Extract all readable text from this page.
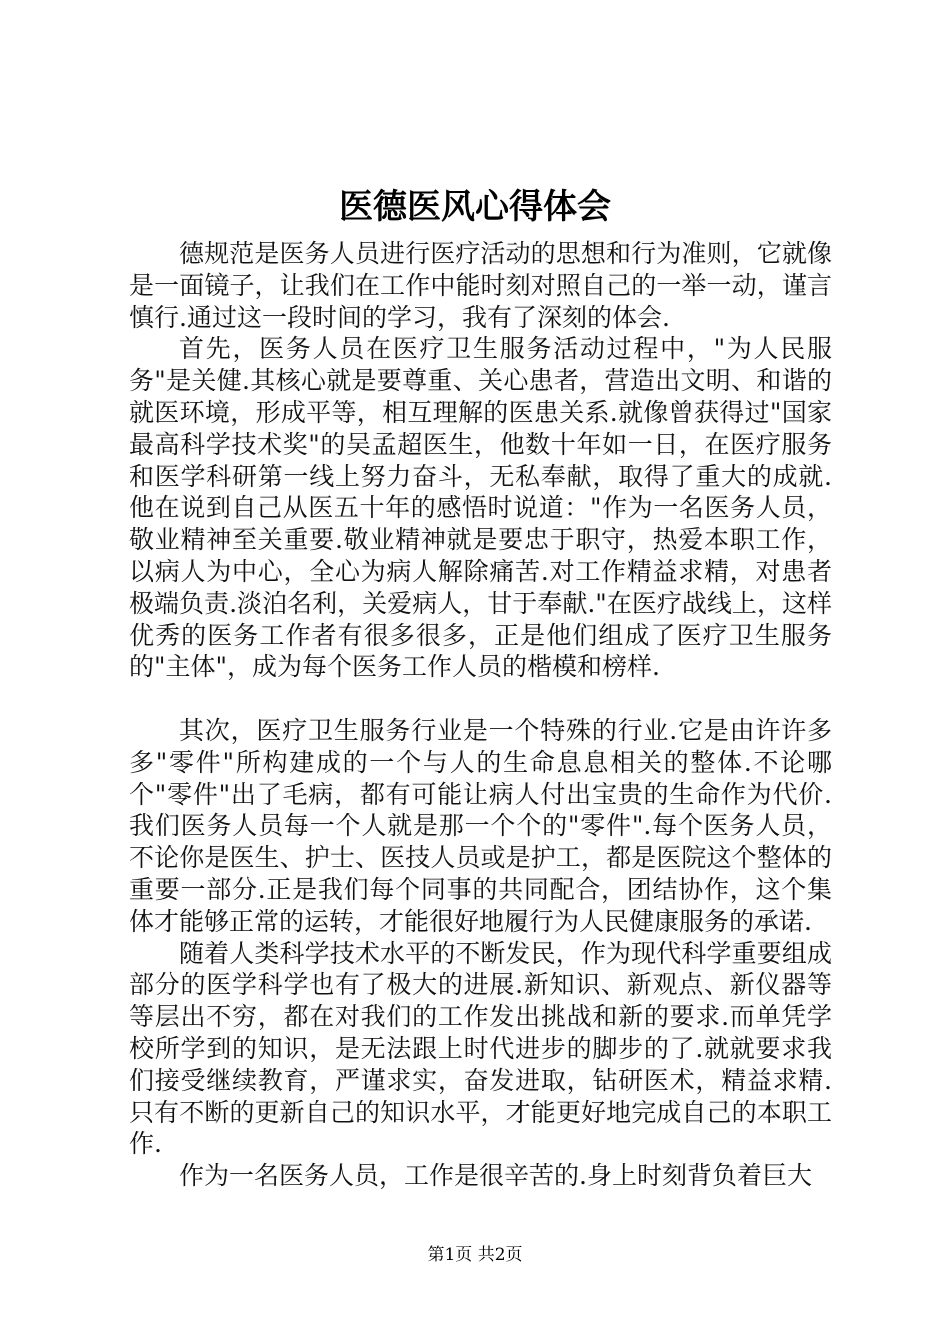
医德医风心得体会

德规范是医务人员进行医疗活动的思想和行为准则，它就像是一面镜子，让我们在工作中能时刻对照自己的一举一动，谨言慎行.通过这一段时间的学习，我有了深刻的体会.

首先，医务人员在医疗卫生服务活动过程中，"为人民服务"是关健.其核心就是要尊重、关心患者，营造出文明、和谐的就医环境，形成平等，相互理解的医患关系.就像曾获得过"国家最高科学技术奖"的吴孟超医生，他数十年如一日，在医疗服务和医学科研第一线上努力奋斗，无私奉献，取得了重大的成就.他在说到自己从医五十年的感悟时说道："作为一名医务人员，敬业精神至关重要.敬业精神就是要忠于职守，热爱本职工作，以病人为中心，全心为病人解除痛苦.对工作精益求精，对患者极端负责.淡泊名利，关爱病人，甘于奉献."在医疗战线上，这样优秀的医务工作者有很多很多，正是他们组成了医疗卫生服务的"主体"，成为每个医务工作人员的楷模和榜样.

其次，医疗卫生服务行业是一个特殊的行业.它是由许许多多"零件"所构建成的一个与人的生命息息相关的整体.不论哪个"零件"出了毛病，都有可能让病人付出宝贵的生命作为代价.我们医务人员每一个人就是那一个个的"零件".每个医务人员，不论你是医生、护士、医技人员或是护工，都是医院这个整体的重要一部分.正是我们每个同事的共同配合，团结协作，这个集体才能够正常的运转，才能很好地履行为人民健康服务的承诺.

随着人类科学技术水平的不断发民，作为现代科学重要组成部分的医学科学也有了极大的进展.新知识、新观点、新仪器等等层出不穷，都在对我们的工作发出挑战和新的要求.而单凭学校所学到的知识，是无法跟上时代进步的脚步的了.就就要求我们接受继续教育，严谨求实，奋发进取，钻研医术，精益求精.只有不断的更新自己的知识水平，才能更好地完成自己的本职工作.

作为一名医务人员，工作是很辛苦的.身上时刻背负着巨大

第1页 共2页
